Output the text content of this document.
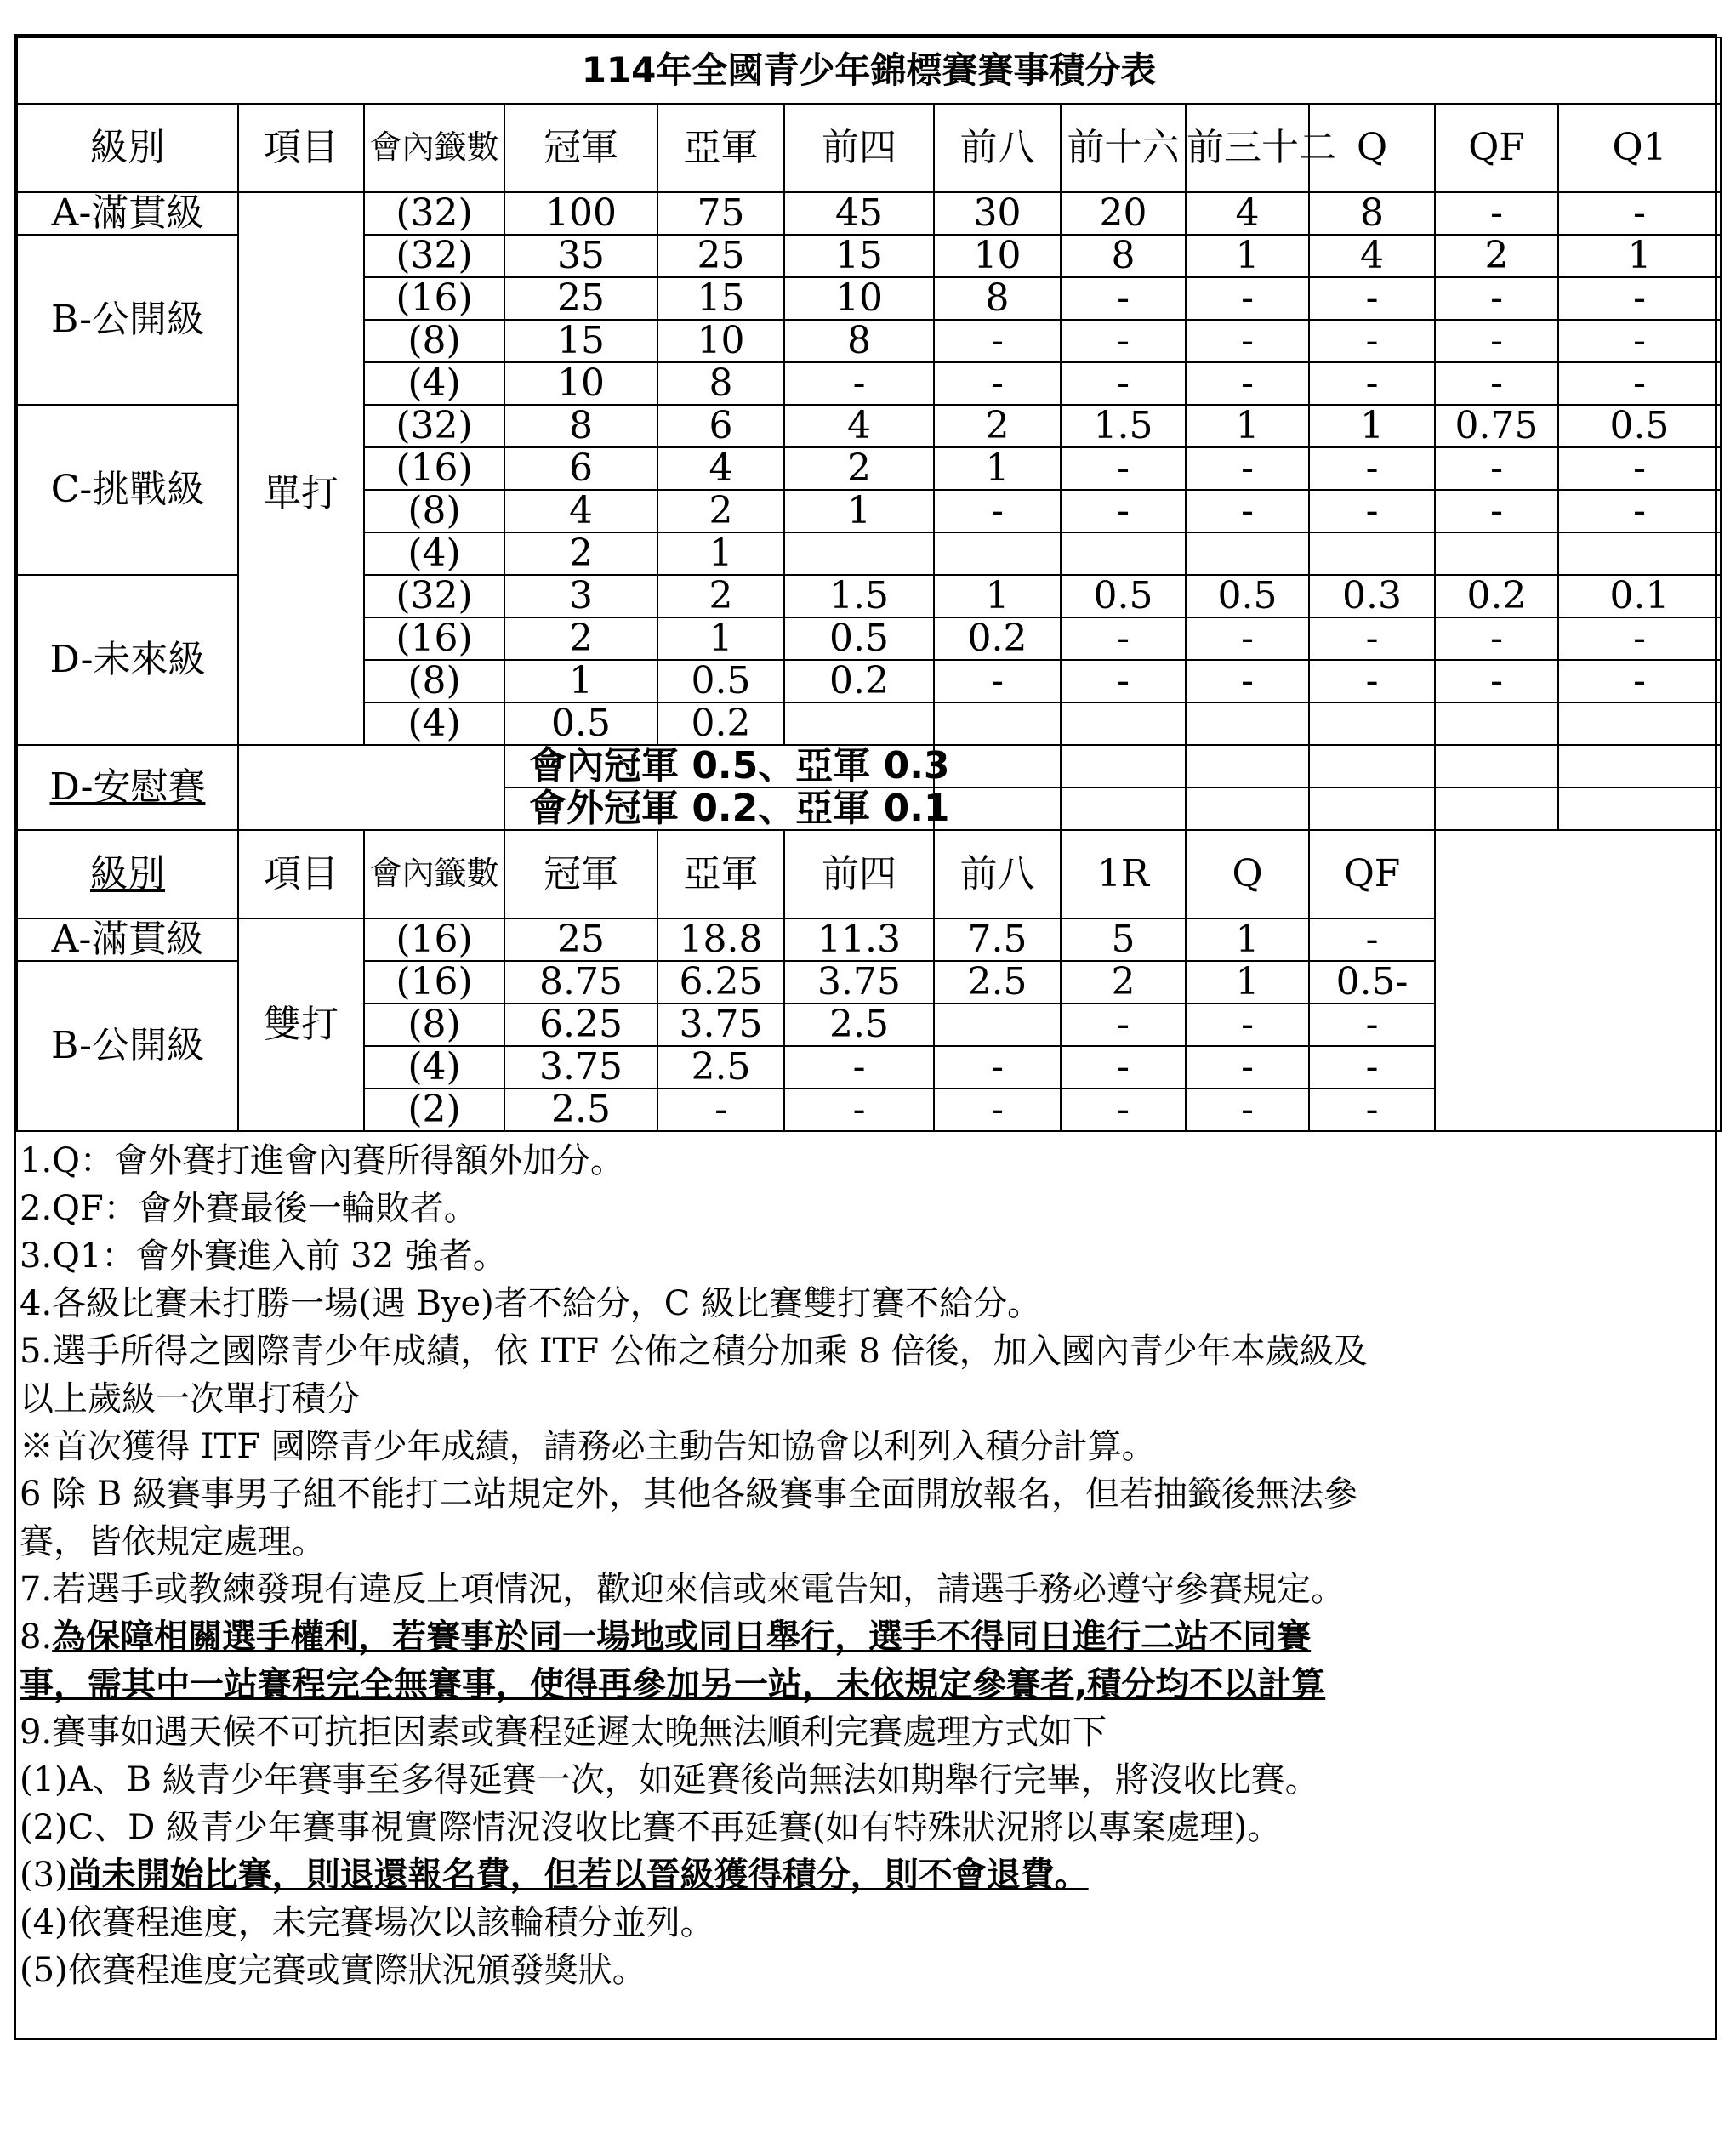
114年全國青少年錦標賽賽事積分表											
級別	項目	會內籤數	冠軍	亞軍	前四	前八	前十六	前三十二	Q	QF	Q1
A-滿貫級	單打	(32)	100	75	45	30	20	4	8	-	-
B-公開級		(32)	35	25	15	10	8	1	4	2	1
		(16)	25	15	10	8	-	-	-	-	-
		(8)	15	10	8	-	-	-	-	-	-
		(4)	10	8	-	-	-	-	-	-	-
C-挑戰級		(32)	8	6	4	2	1.5	1	1	0.75	0.5
		(16)	6	4	2	1	-	-	-	-	-
		(8)	4	2	1	-	-	-	-	-	-
		(4)	2	1							
D-未來級		(32)	3	2	1.5	1	0.5	0.5	0.3	0.2	0.1
		(16)	2	1	0.5	0.2	-	-	-	-	-
		(8)	1	0.5	0.2	-	-	-	-	-	-
		(4)	0.5	0.2							
D-安慰賽			會內冠軍 0.5、亞軍 0.3								
			會外冠軍 0.2、亞軍 0.1								
級別	項目	會內籤數	冠軍	亞軍	前四	前八	1R	Q	QF		
A-滿貫級	雙打	(16)	25	18.8	11.3	7.5	5	1	-		
B-公開級		(16)	8.75	6.25	3.75	2.5	2	1	0.5-		
		(8)	6.25	3.75	2.5		-	-	-		
		(4)	3.75	2.5	-	-	-	-	-		
		(2)	2.5	-	-	-	-	-	-		
1.Q：會外賽打進會內賽所得額外加分。
2.QF：會外賽最後一輪敗者。
3.Q1：會外賽進入前 32 強者。
4.各級比賽未打勝一場(遇 Bye)者不給分，C 級比賽雙打賽不給分。
5.選手所得之國際青少年成績，依 ITF 公佈之積分加乘 8 倍後，加入國內青少年本歲級及
以上歲級一次單打積分
※首次獲得 ITF 國際青少年成績，請務必主動告知協會以利列入積分計算。
6 除 B 級賽事男子組不能打二站規定外，其他各級賽事全面開放報名，但若抽籤後無法參
賽，皆依規定處理。
7.若選手或教練發現有違反上項情況，歡迎來信或來電告知，請選手務必遵守參賽規定。
8.為保障相關選手權利，若賽事於同一場地或同日舉行，選手不得同日進行二站不同賽
事，需其中一站賽程完全無賽事，使得再參加另一站，未依規定參賽者,積分均不以計算
9.賽事如遇天候不可抗拒因素或賽程延遲太晚無法順利完賽處理方式如下
(1)A、B 級青少年賽事至多得延賽一次，如延賽後尚無法如期舉行完畢，將沒收比賽。
(2)C、D 級青少年賽事視實際情況沒收比賽不再延賽(如有特殊狀況將以專案處理)。
(3)尚未開始比賽，則退還報名費，但若以晉級獲得積分，則不會退費。
(4)依賽程進度，未完賽場次以該輪積分並列。
(5)依賽程進度完賽或實際狀況頒發獎狀。
